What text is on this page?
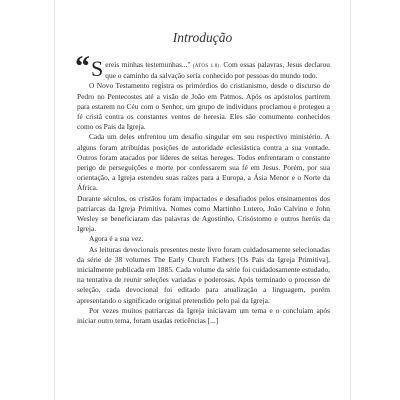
Introdução
“ Sereis minhas testemunhas..." (ATOS 1.8). Com essas palavras, Jesus declarou que o caminho da salvação seria conhecido por pessoas do mundo todo.

O Novo Testamento registra os primórdios do cristianismo, desde o discurso de Pedro no Pentecostes até a visão de João em Patmos. Após os apóstolos partirem para estarem no Céu com o Senhor, um grupo de indivíduos proclamou e protegeu a fé cristã contra os constantes ventos de heresia. Eles são comumente conhecidos como os Pais da Igreja.

Cada um deles enfrentou um desafio singular em seu respectivo ministério. A alguns foram atribuídas posições de autoridade eclesiástica contra a sua vontade. Outros foram atacados por líderes de seitas hereges. Todos enfrentaram o constante perigo de perseguições e morte por confessarem sua fé em Jesus. Porém, por sua orientação, a Igreja estendeu suas raízes para a Europa, a Ásia Menor e o Norte da África.

Durante séculos, os cristãos foram impactados e desafiados pelos ensinamentos dos patriarcas da Igreja Primitiva. Nomes como Martinho Lutero, João Calvino e John Wesley se beneficiaram das palavras de Agostinho, Crisóstomo e outros heróis da Igreja.

Agora é a sua vez.

As leituras devocionais presentes neste livro foram cuidadosamente selecionadas da série de 38 volumes The Early Church Fathers [Os Pais da Igreja Primitiva], inicialmente publicada em 1885. Cada volume da série foi cuidadosamente estudado, na tentativa de reunir seleções variadas e poderosas. Após terminado o processo de seleção, cada devocional foi editado para atualização a linguagem, porém apresentando o significado original pretendido pelo pai da Igreja.

Por vezes muitos patriarcas da Igreja iniciavam um tema e o concluíam após iniciar outro tema, foram usadas reticências [...]
